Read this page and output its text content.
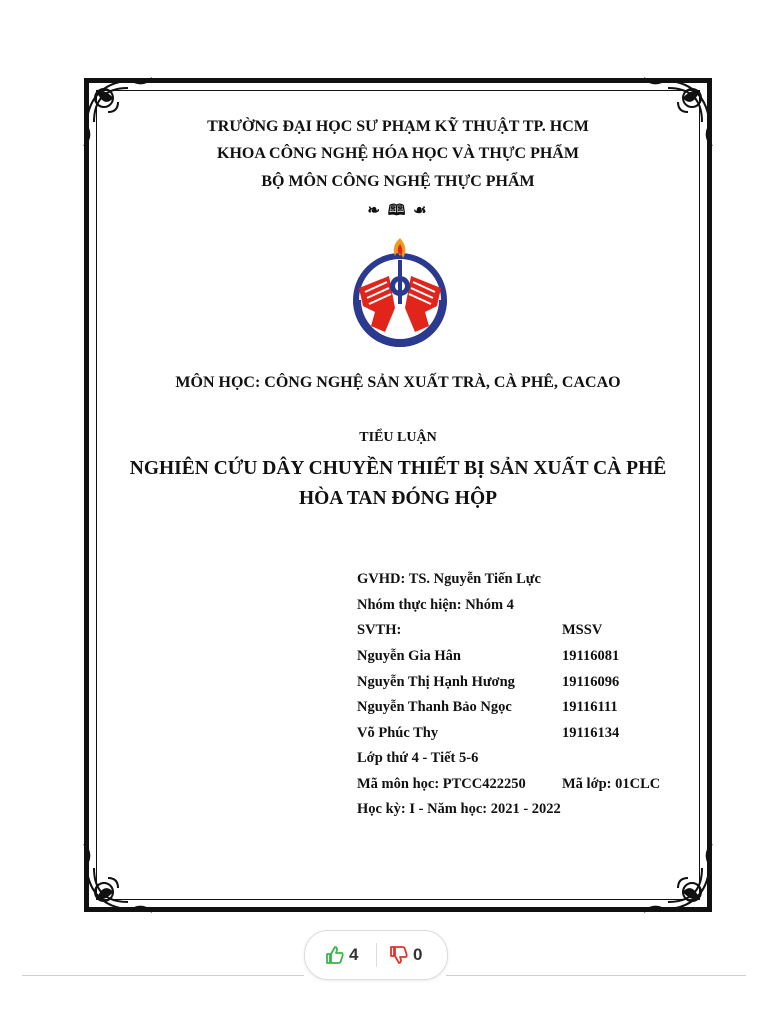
TRƯỜNG ĐẠI HỌC SƯ PHẠM KỸ THUẬT TP. HCM
KHOA CÔNG NGHỆ HÓA HỌC VÀ THỰC PHẨM
BỘ MÔN CÔNG NGHỆ THỰC PHẨM
❧ 🕮 ☙
MÔN HỌC: CÔNG NGHỆ SẢN XUẤT TRÀ, CÀ PHÊ, CACAO
TIỂU LUẬN
NGHIÊN CỨU DÂY CHUYỀN THIẾT BỊ SẢN XUẤT CÀ PHÊ
HÒA TAN ĐÓNG HỘP
GVHD: TS. Nguyễn Tiến Lực
Nhóm thực hiện: Nhóm 4
SVTH:	MSSV
Nguyễn Gia Hân	19116081
Nguyễn Thị Hạnh Hương	19116096
Nguyễn Thanh Bảo Ngọc	19116111
Võ Phúc Thy	19116134
Lớp thứ 4 - Tiết 5-6
Mã môn học: PTCC422250 Mã lớp: 01CLC
Học kỳ: I - Năm học: 2021 - 2022
4	0
